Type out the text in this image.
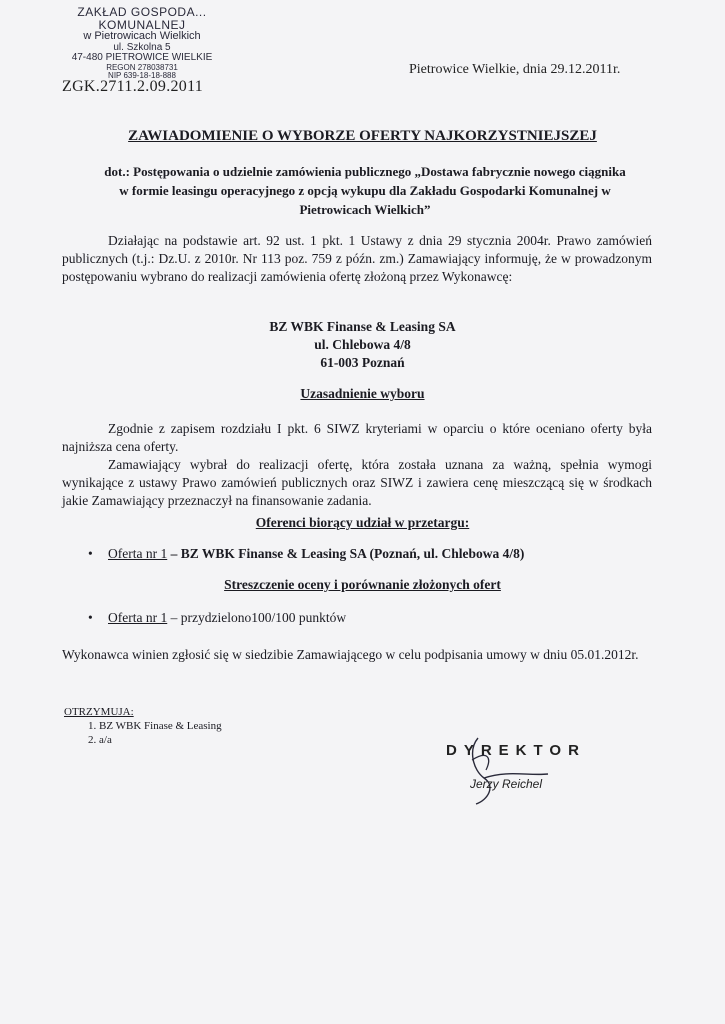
ZAKŁAD GOSPODA...
KOMUNALNEJ
w Pietrowicach Wielkich
ul. Szkolna 5
47-480 PIETROWICE WIELKIE
REGON 278038731
NIP 639-18-18-888
ZGK.2711.2.09.2011
Pietrowice Wielkie, dnia 29.12.2011r.
ZAWIADOMIENIE O WYBORZE OFERTY NAJKORZYSTNIEJSZEJ
dot.: Postępowania o udzielnie zamówienia publicznego „Dostawa fabrycznie nowego ciągnika
w formie leasingu operacyjnego z opcją wykupu dla Zakładu Gospodarki Komunalnej w
Pietrowicach Wielkich”
Działając na podstawie art. 92 ust. 1 pkt. 1 Ustawy z dnia 29 stycznia 2004r. Prawo zamówień publicznych (t.j.: Dz.U. z 2010r. Nr 113 poz. 759 z późn. zm.) Zamawiający informuję, że w prowadzonym postępowaniu wybrano do realizacji zamówienia ofertę złożoną przez Wykonawcę:
BZ WBK Finanse & Leasing SA
ul. Chlebowa 4/8
61-003 Poznań
Uzasadnienie wyboru
Zgodnie z zapisem rozdziału I pkt. 6 SIWZ kryteriami w oparciu o które oceniano oferty była najniższa cena oferty.
Zamawiający wybrał do realizacji ofertę, która została uznana za ważną, spełnia wymogi wynikające z ustawy Prawo zamówień publicznych oraz SIWZ i zawiera cenę mieszczącą się w środkach jakie Zamawiający przeznaczył na finansowanie zadania.
Oferenci biorący udział w przetargu:
• Oferta nr 1 – BZ WBK Finanse & Leasing SA (Poznań, ul. Chlebowa 4/8)
Streszczenie oceny i porównanie złożonych ofert
• Oferta nr 1 – przydzielono100/100 punktów
Wykonawca winien zgłosić się w siedzibie Zamawiającego w celu podpisania umowy w dniu 05.01.2012r.
OTRZYMUJA:
1. BZ WBK Finase & Leasing
2. a/a
DYREKTOR
Jerzy Reichel
